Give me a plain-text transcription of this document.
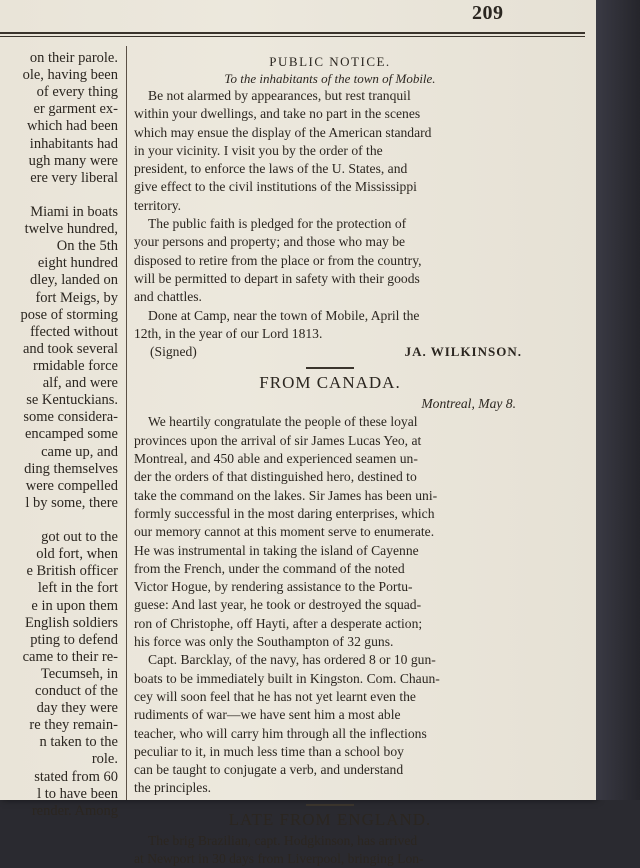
209
on their parole.
ole, having been
of every thing
er garment ex-
which had been
inhabitants had
ugh many were
ere very liberal
Miami in boats
twelve hundred,
On the 5th
eight hundred
dley, landed on
fort Meigs, by
pose of storming
ffected without
and took several
rmidable force
alf, and were
se Kentuckians.
some considera-
encamped some
came up, and
ding themselves
were compelled
l by some, there
got out to the
old fort, when
e British officer
left in the fort
e in upon them
English soldiers
pting to defend
came to their re-
Tecumseh, in
conduct of the
day they were
re they remain-
n taken to the
role.
stated from 60
l to have been
render. Among
PUBLIC NOTICE.
To the inhabitants of the town of Mobile.
Be not alarmed by appearances, but rest tranquil
within your dwellings, and take no part in the scenes
which may ensue the display of the American standard
in your vicinity. I visit you by the order of the
president, to enforce the laws of the U. States, and
give effect to the civil institutions of the Mississippi
territory.
The public faith is pledged for the protection of
your persons and property; and those who may be
disposed to retire from the place or from the country,
will be permitted to depart in safety with their goods
and chattles.
Done at Camp, near the town of Mobile, April the
12th, in the year of our Lord 1813.
(Signed)	JA. WILKINSON.
FROM CANADA.
Montreal, May 8.
We heartily congratulate the people of these loyal
provinces upon the arrival of sir James Lucas Yeo, at
Montreal, and 450 able and experienced seamen un-
der the orders of that distinguished hero, destined to
take the command on the lakes. Sir James has been uni-
formly successful in the most daring enterprises, which
our memory cannot at this moment serve to enumerate.
He was instrumental in taking the island of Cayenne
from the French, under the command of the noted
Victor Hogue, by rendering assistance to the Portu-
guese: And last year, he took or destroyed the squad-
ron of Christophe, off Hayti, after a desperate action;
his force was only the Southampton of 32 guns.
Capt. Barcklay, of the navy, has ordered 8 or 10 gun-
boats to be immediately built in Kingston. Com. Chaun-
cey will soon feel that he has not yet learnt even the
rudiments of war—we have sent him a most able
teacher, who will carry him through all the inflections
peculiar to it, in much less time than a school boy
can be taught to conjugate a verb, and understand
the principles.
LATE FROM ENGLAND.
The brig Brazilian, capt. Hodgkinson, has arrived
at Newport in 30 days from Liverpool, bringing Lon-
